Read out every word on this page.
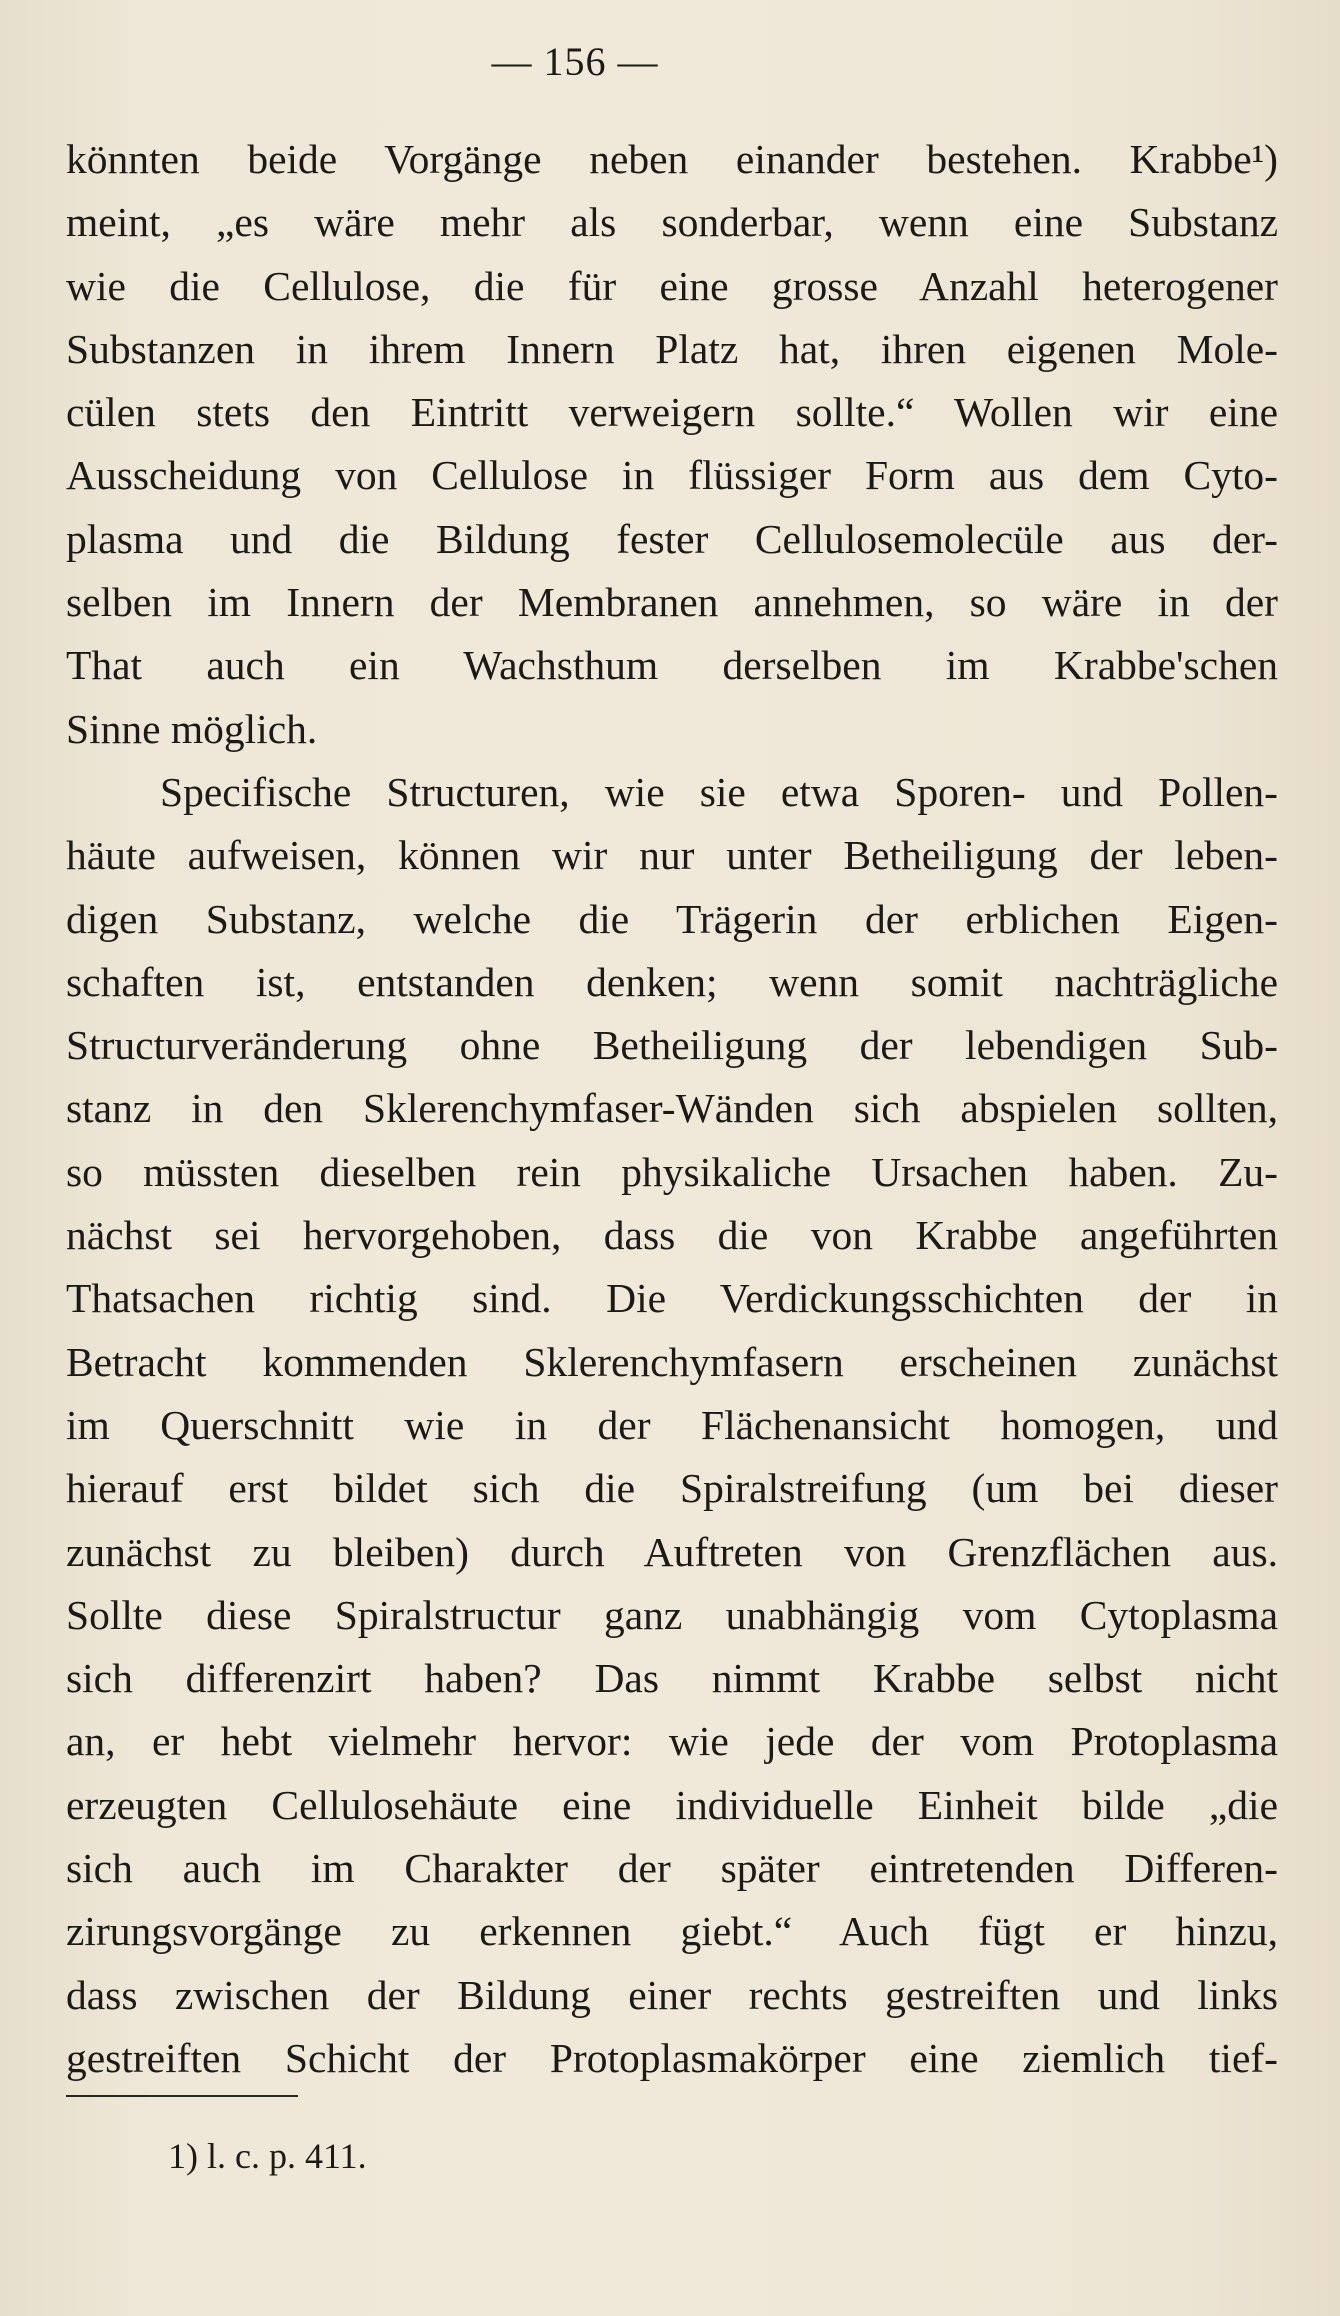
— 156 —
könnten beide Vorgänge neben einander bestehen. Krabbe¹)
meint, „es wäre mehr als sonderbar, wenn eine Substanz
wie die Cellulose, die für eine grosse Anzahl heterogener
Substanzen in ihrem Innern Platz hat, ihren eigenen Mole-
cülen stets den Eintritt verweigern sollte.“ Wollen wir eine
Ausscheidung von Cellulose in flüssiger Form aus dem Cyto-
plasma und die Bildung fester Cellulosemolecüle aus der-
selben im Innern der Membranen annehmen, so wäre in der
That auch ein Wachsthum derselben im Krabbe'schen
Sinne möglich.
Specifische Structuren, wie sie etwa Sporen- und Pollen-
häute aufweisen, können wir nur unter Betheiligung der leben-
digen Substanz, welche die Trägerin der erblichen Eigen-
schaften ist, entstanden denken; wenn somit nachträgliche
Structurveränderung ohne Betheiligung der lebendigen Sub-
stanz in den Sklerenchymfaser-Wänden sich abspielen sollten,
so müssten dieselben rein physikaliche Ursachen haben. Zu-
nächst sei hervorgehoben, dass die von Krabbe angeführten
Thatsachen richtig sind. Die Verdickungsschichten der in
Betracht kommenden Sklerenchymfasern erscheinen zunächst
im Querschnitt wie in der Flächenansicht homogen, und
hierauf erst bildet sich die Spiralstreifung (um bei dieser
zunächst zu bleiben) durch Auftreten von Grenzflächen aus.
Sollte diese Spiralstructur ganz unabhängig vom Cytoplasma
sich differenzirt haben? Das nimmt Krabbe selbst nicht
an, er hebt vielmehr hervor: wie jede der vom Protoplasma
erzeugten Cellulosehäute eine individuelle Einheit bilde „die
sich auch im Charakter der später eintretenden Differen-
zirungsvorgänge zu erkennen giebt.“ Auch fügt er hinzu,
dass zwischen der Bildung einer rechts gestreiften und links
gestreiften Schicht der Protoplasmakörper eine ziemlich tief-
1) l. c. p. 411.
